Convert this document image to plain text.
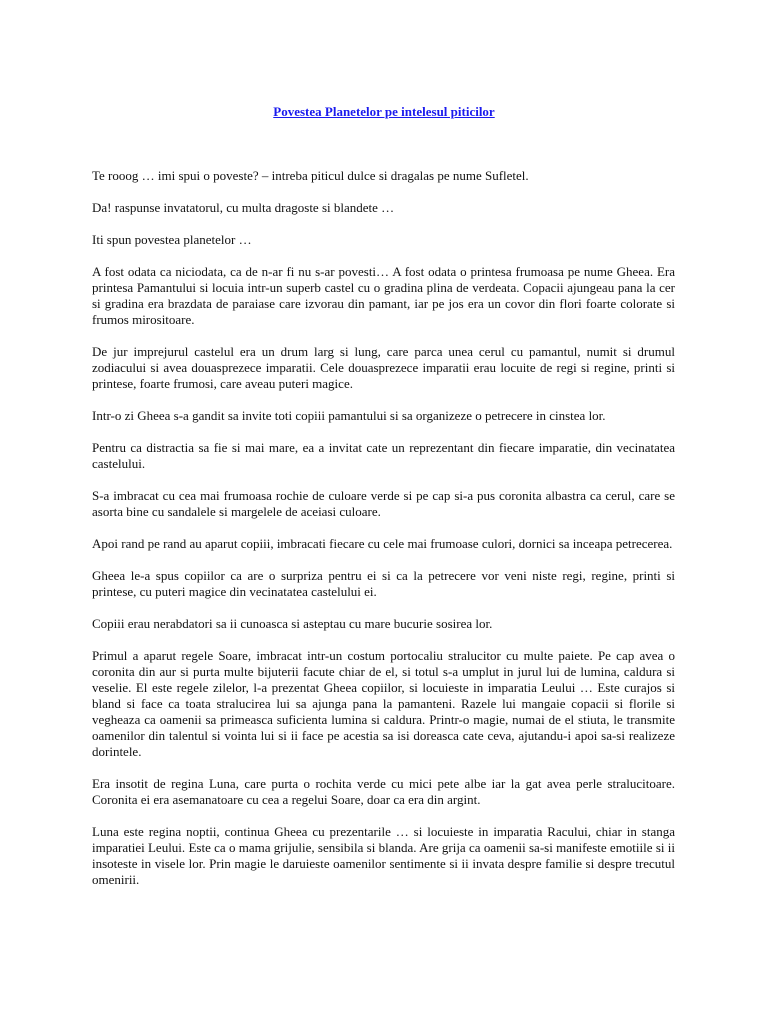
Povestea Planetelor pe intelesul piticilor

Te rooog … imi spui o poveste? – intreba piticul dulce si dragalas pe nume Sufletel.

Da! raspunse invatatorul, cu multa dragoste si blandete …

Iti spun povestea planetelor …

A fost odata ca niciodata, ca de n-ar fi nu s-ar povesti… A fost odata o printesa frumoasa pe nume Gheea. Era printesa Pamantului si locuia intr-un superb castel cu o gradina plina de verdeata. Copacii ajungeau pana la cer si gradina era brazdata de paraiase care izvorau din pamant, iar pe jos era un covor din flori foarte colorate si frumos mirositoare.

De jur imprejurul castelul era un drum larg si lung, care parca unea cerul cu pamantul, numit si drumul zodiacului si avea douasprezece imparatii. Cele douasprezece imparatii erau locuite de regi si regine, printi si printese, foarte frumosi, care aveau puteri magice.

Intr-o zi Gheea s-a gandit sa invite toti copiii pamantului si sa organizeze o petrecere in cinstea lor.

Pentru ca distractia sa fie si mai mare, ea a invitat cate un reprezentant din fiecare imparatie, din vecinatatea castelului.

S-a imbracat cu cea mai frumoasa rochie de culoare verde si pe cap si-a pus coronita albastra ca cerul, care se asorta bine cu sandalele si margelele de aceiasi culoare.

Apoi rand pe rand au aparut copiii, imbracati fiecare cu cele mai frumoase culori, dornici sa inceapa petrecerea.

Gheea le-a spus copiilor ca are o surpriza pentru ei si ca la petrecere vor veni niste regi, regine, printi si printese, cu puteri magice din vecinatatea castelului ei.

Copiii erau nerabdatori sa ii cunoasca si asteptau cu mare bucurie sosirea lor.

Primul a aparut regele Soare, imbracat intr-un costum portocaliu stralucitor cu multe paiete. Pe cap avea o coronita din aur si purta multe bijuterii facute chiar de el, si totul s-a umplut in jurul lui de lumina, caldura si veselie. El este regele zilelor, l-a prezentat Gheea copiilor, si locuieste in imparatia Leului … Este curajos si bland si face ca toata stralucirea lui sa ajunga pana la pamanteni. Razele lui mangaie copacii si florile si vegheaza ca oamenii sa primeasca suficienta lumina si caldura. Printr-o magie, numai de el stiuta, le transmite oamenilor din talentul si vointa lui si ii face pe acestia sa isi doreasca cate ceva, ajutandu-i apoi sa-si realizeze dorintele.

Era insotit de regina Luna, care purta o rochita verde cu mici pete albe iar la gat avea perle stralucitoare. Coronita ei era asemanatoare cu cea a regelui Soare, doar ca era din argint.

Luna este regina noptii, continua Gheea cu prezentarile … si locuieste in imparatia Racului, chiar in stanga imparatiei Leului. Este ca o mama grijulie, sensibila si blanda. Are grija ca oamenii sa-si manifeste emotiile si ii insoteste in visele lor. Prin magie le daruieste oamenilor sentimente si ii invata despre familie si despre trecutul omenirii.
